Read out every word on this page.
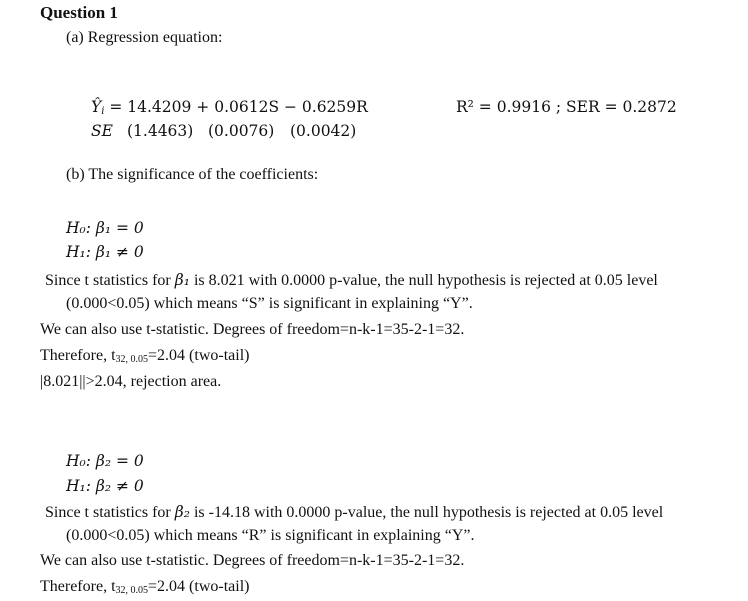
Question 1
(a) Regression equation:
$Ŷ_i = 14.4209 + 0.0612S - 0.6259R$	R² = 0.9916 ; SER = 0.2872
SE (1.4463) (0.0076) (0.0042)
(b) The significance of the coefficients:
H₀: β₁ = 0
H₁: β₁ ≠ 0
Since t statistics for β₁ is 8.021 with 0.0000 p-value, the null hypothesis is rejected at 0.05 level
(0.000<0.05) which means “S” is significant in explaining “Y”.
We can also use t-statistic. Degrees of freedom=n-k-1=35-2-1=32.
Therefore, $t_{32, 0.05}=2.04$ (two-tail)
|8.021||>2.04, rejection area.
H₀: β₂ = 0
H₁: β₂ ≠ 0
Since t statistics for β₂ is -14.18 with 0.0000 p-value, the null hypothesis is rejected at 0.05 level
(0.000<0.05) which means “R” is significant in explaining “Y”.
We can also use t-statistic. Degrees of freedom=n-k-1=35-2-1=32.
Therefore, $t_{32, 0.05}=2.04$ (two-tail)
